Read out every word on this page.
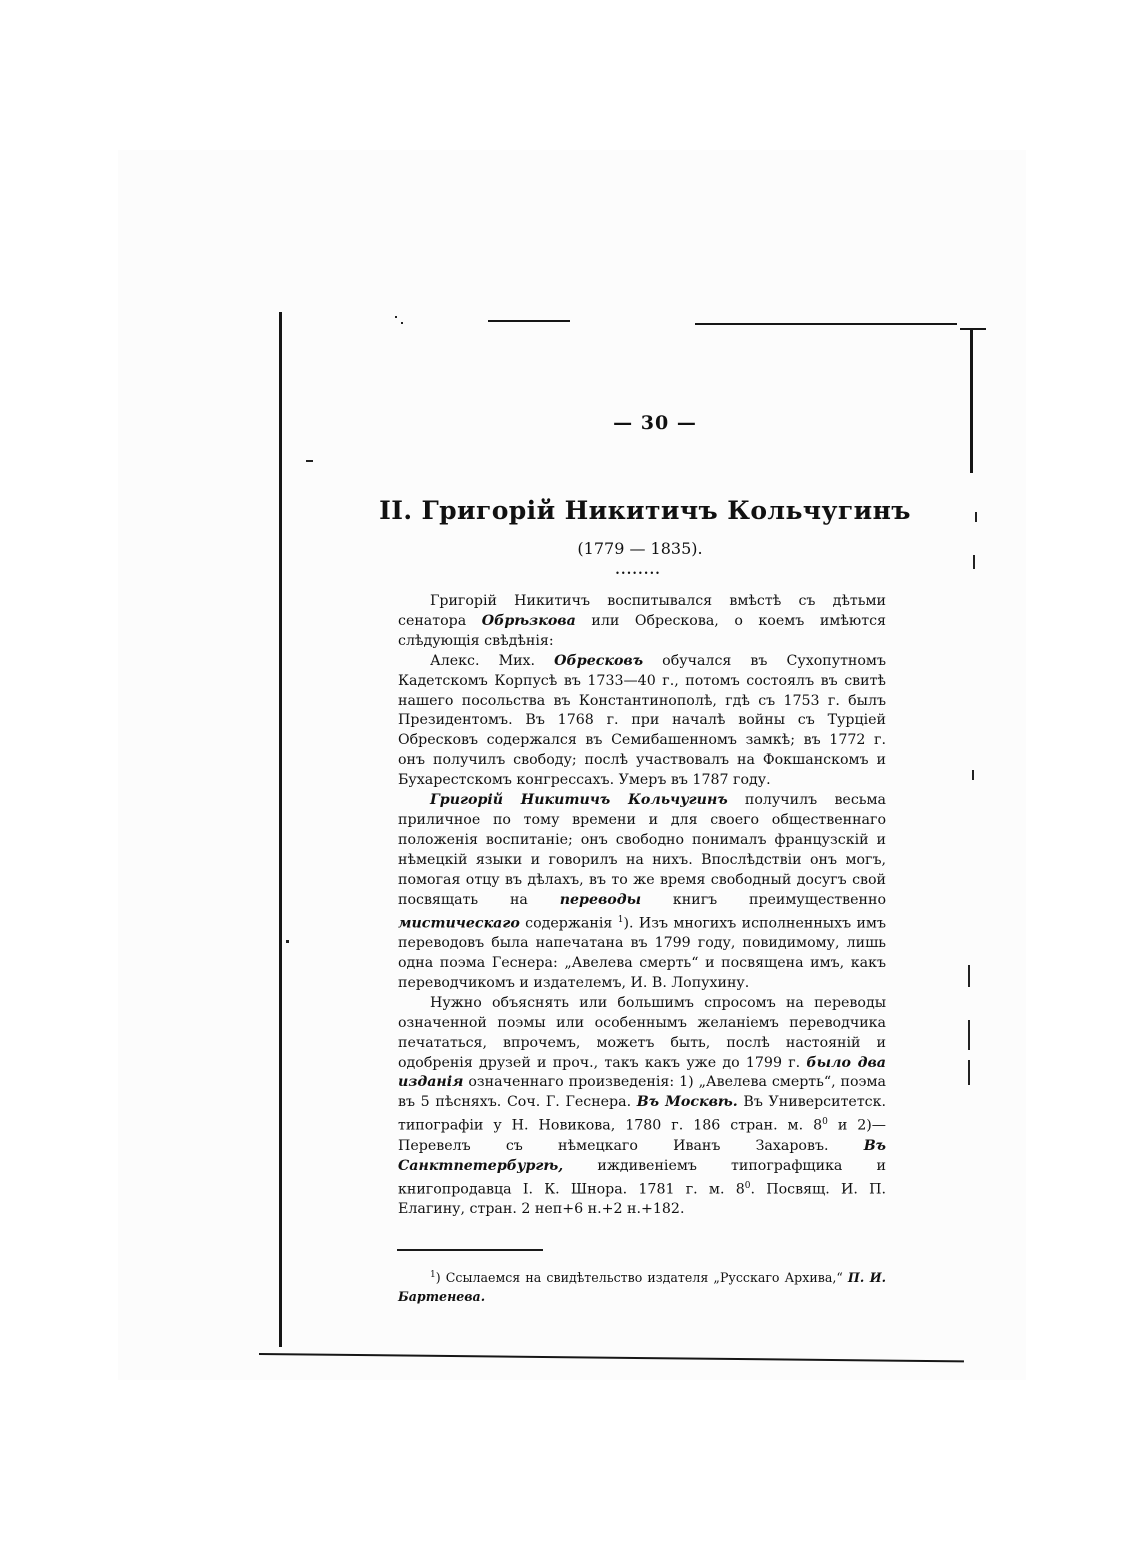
— 30 —
II. Григорій Никитичъ Кольчугинъ
(1779 — 1835).
••••••••

Григорій Никитичъ воспитывался вмѣстѣ съ дѣтьми сенатора Обрѣзкова или Обрескова, о коемъ имѣются слѣдующія свѣдѣнія:

Алекс. Мих. Обресковъ обучался въ Сухопутномъ Кадетскомъ Корпусѣ въ 1733—40 г., потомъ состоялъ въ свитѣ нашего посольства въ Константинополѣ, гдѣ съ 1753 г. былъ Президентомъ. Въ 1768 г. при началѣ войны съ Турціей Обресковъ содержался въ Семибашенномъ замкѣ; въ 1772 г. онъ получилъ свободу; послѣ участвовалъ на Фокшанскомъ и Бухарестскомъ конгрессахъ. Умеръ въ 1787 году.

Григорій Никитичъ Кольчугинъ получилъ весьма приличное по тому времени и для своего общественнаго положенія воспитаніе; онъ свободно понималъ французскій и нѣмецкій языки и говорилъ на нихъ. Впослѣдствіи онъ могъ, помогая отцу въ дѣлахъ, въ то же время свободный досугъ свой посвящать на переводы книгъ преимущественно мистическаго содержанія $^1$). Изъ многихъ исполненныхъ имъ переводовъ была напечатана въ 1799 году, повидимому, лишь одна поэма Геснера: „Авелева смерть“ и посвящена имъ, какъ переводчикомъ и издателемъ, И. В. Лопухину.

Нужно объяснять или большимъ спросомъ на переводы означенной поэмы или особеннымъ желаніемъ переводчика печататься, впрочемъ, можетъ быть, послѣ настояній и одобренія друзей и проч., такъ какъ уже до 1799 г. было два изданія означеннаго произведенія: 1) „Авелева смерть“, поэма въ 5 пѣсняхъ. Соч. Г. Геснера. Въ Москвѣ. Въ Университетск. типографіи у Н. Новикова, 1780 г. 186 стран. м. $8^0$ и 2)—Перевелъ съ нѣмецкаго Иванъ Захаровъ. Въ Санктпетербургѣ, иждивеніемъ типографщика и книгопродавца I. К. Шнора. 1781 г. м. $8^0$. Посвящ. И. П. Елагину, стран. 2 неп+6 н.+2 н.+182.

$^1$) Ссылаемся на свидѣтельство издателя „Русскаго Архива,“ П. И. Бартенева.
